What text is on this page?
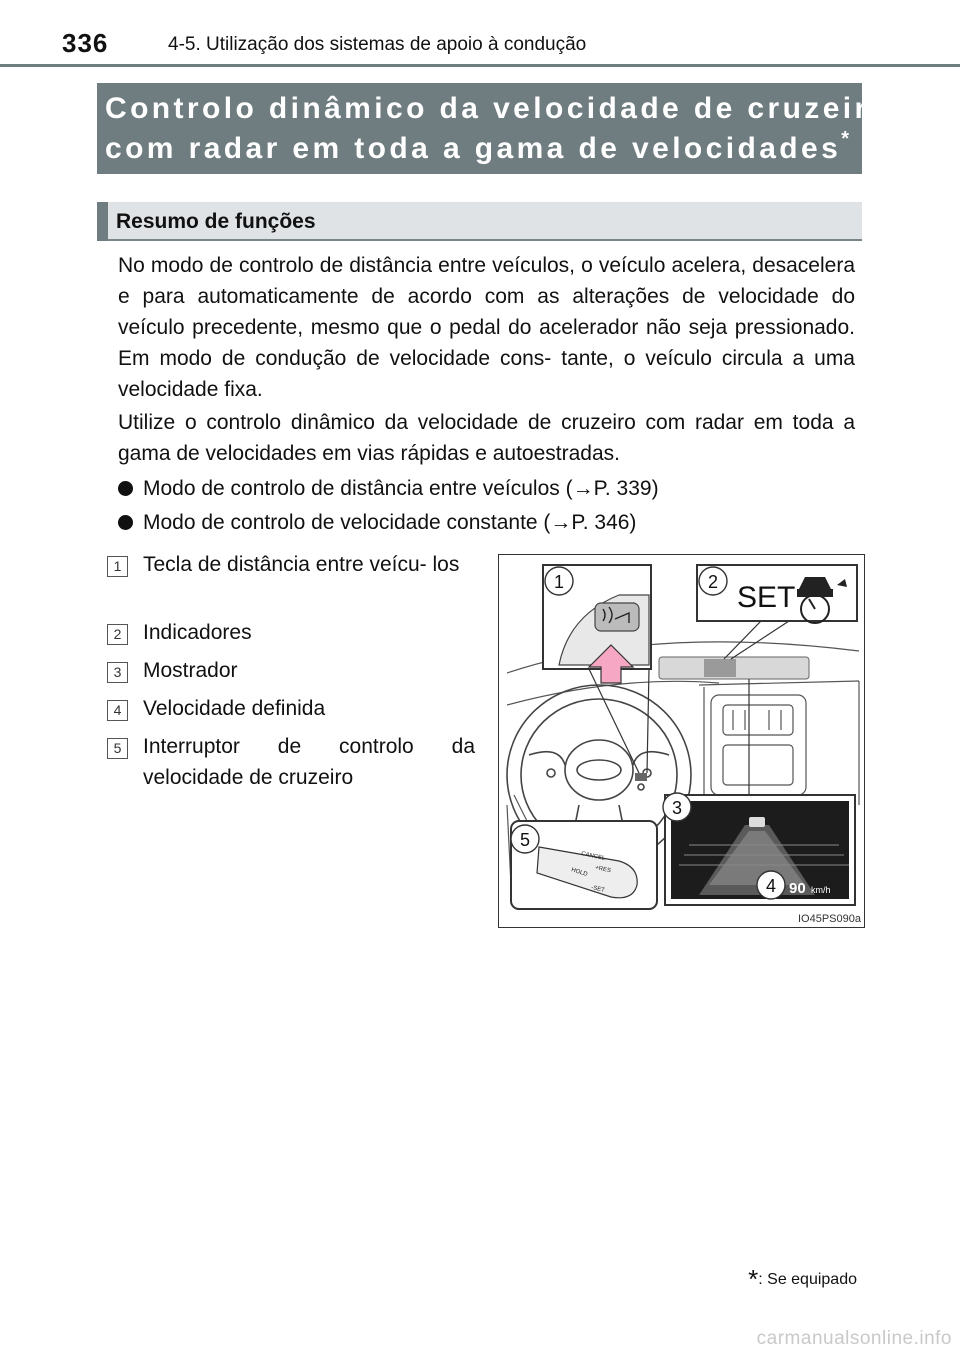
336	4-5. Utilização dos sistemas de apoio à condução
Controlo dinâmico da velocidade de cruzeiro
com radar em toda a gama de velocidades*
Resumo de funções

No modo de controlo de distância entre veículos, o veículo acelera, desacelera e para automaticamente de acordo com as alterações de velocidade do veículo precedente, mesmo que o pedal do acelerador não seja pressionado. Em modo de condução de velocidade cons- tante, o veículo circula a uma velocidade fixa.

Utilize o controlo dinâmico da velocidade de cruzeiro com radar em toda a gama de velocidades em vias rápidas e autoestradas.

Modo de controlo de distância entre veículos (→P. 339)
Modo de controlo de velocidade constante (→P. 346)
1	Tecla de distância entre veícu- los
2	Indicadores
3	Mostrador
4	Velocidade definida
5	Interruptor de controlo da velocidade de cruzeiro
SET
90 km/h
CANCEL
+RES
HOLD
-SET
1	2
3
4
5
IO45PS090a
*: Se equipado
carmanualsonline.info
